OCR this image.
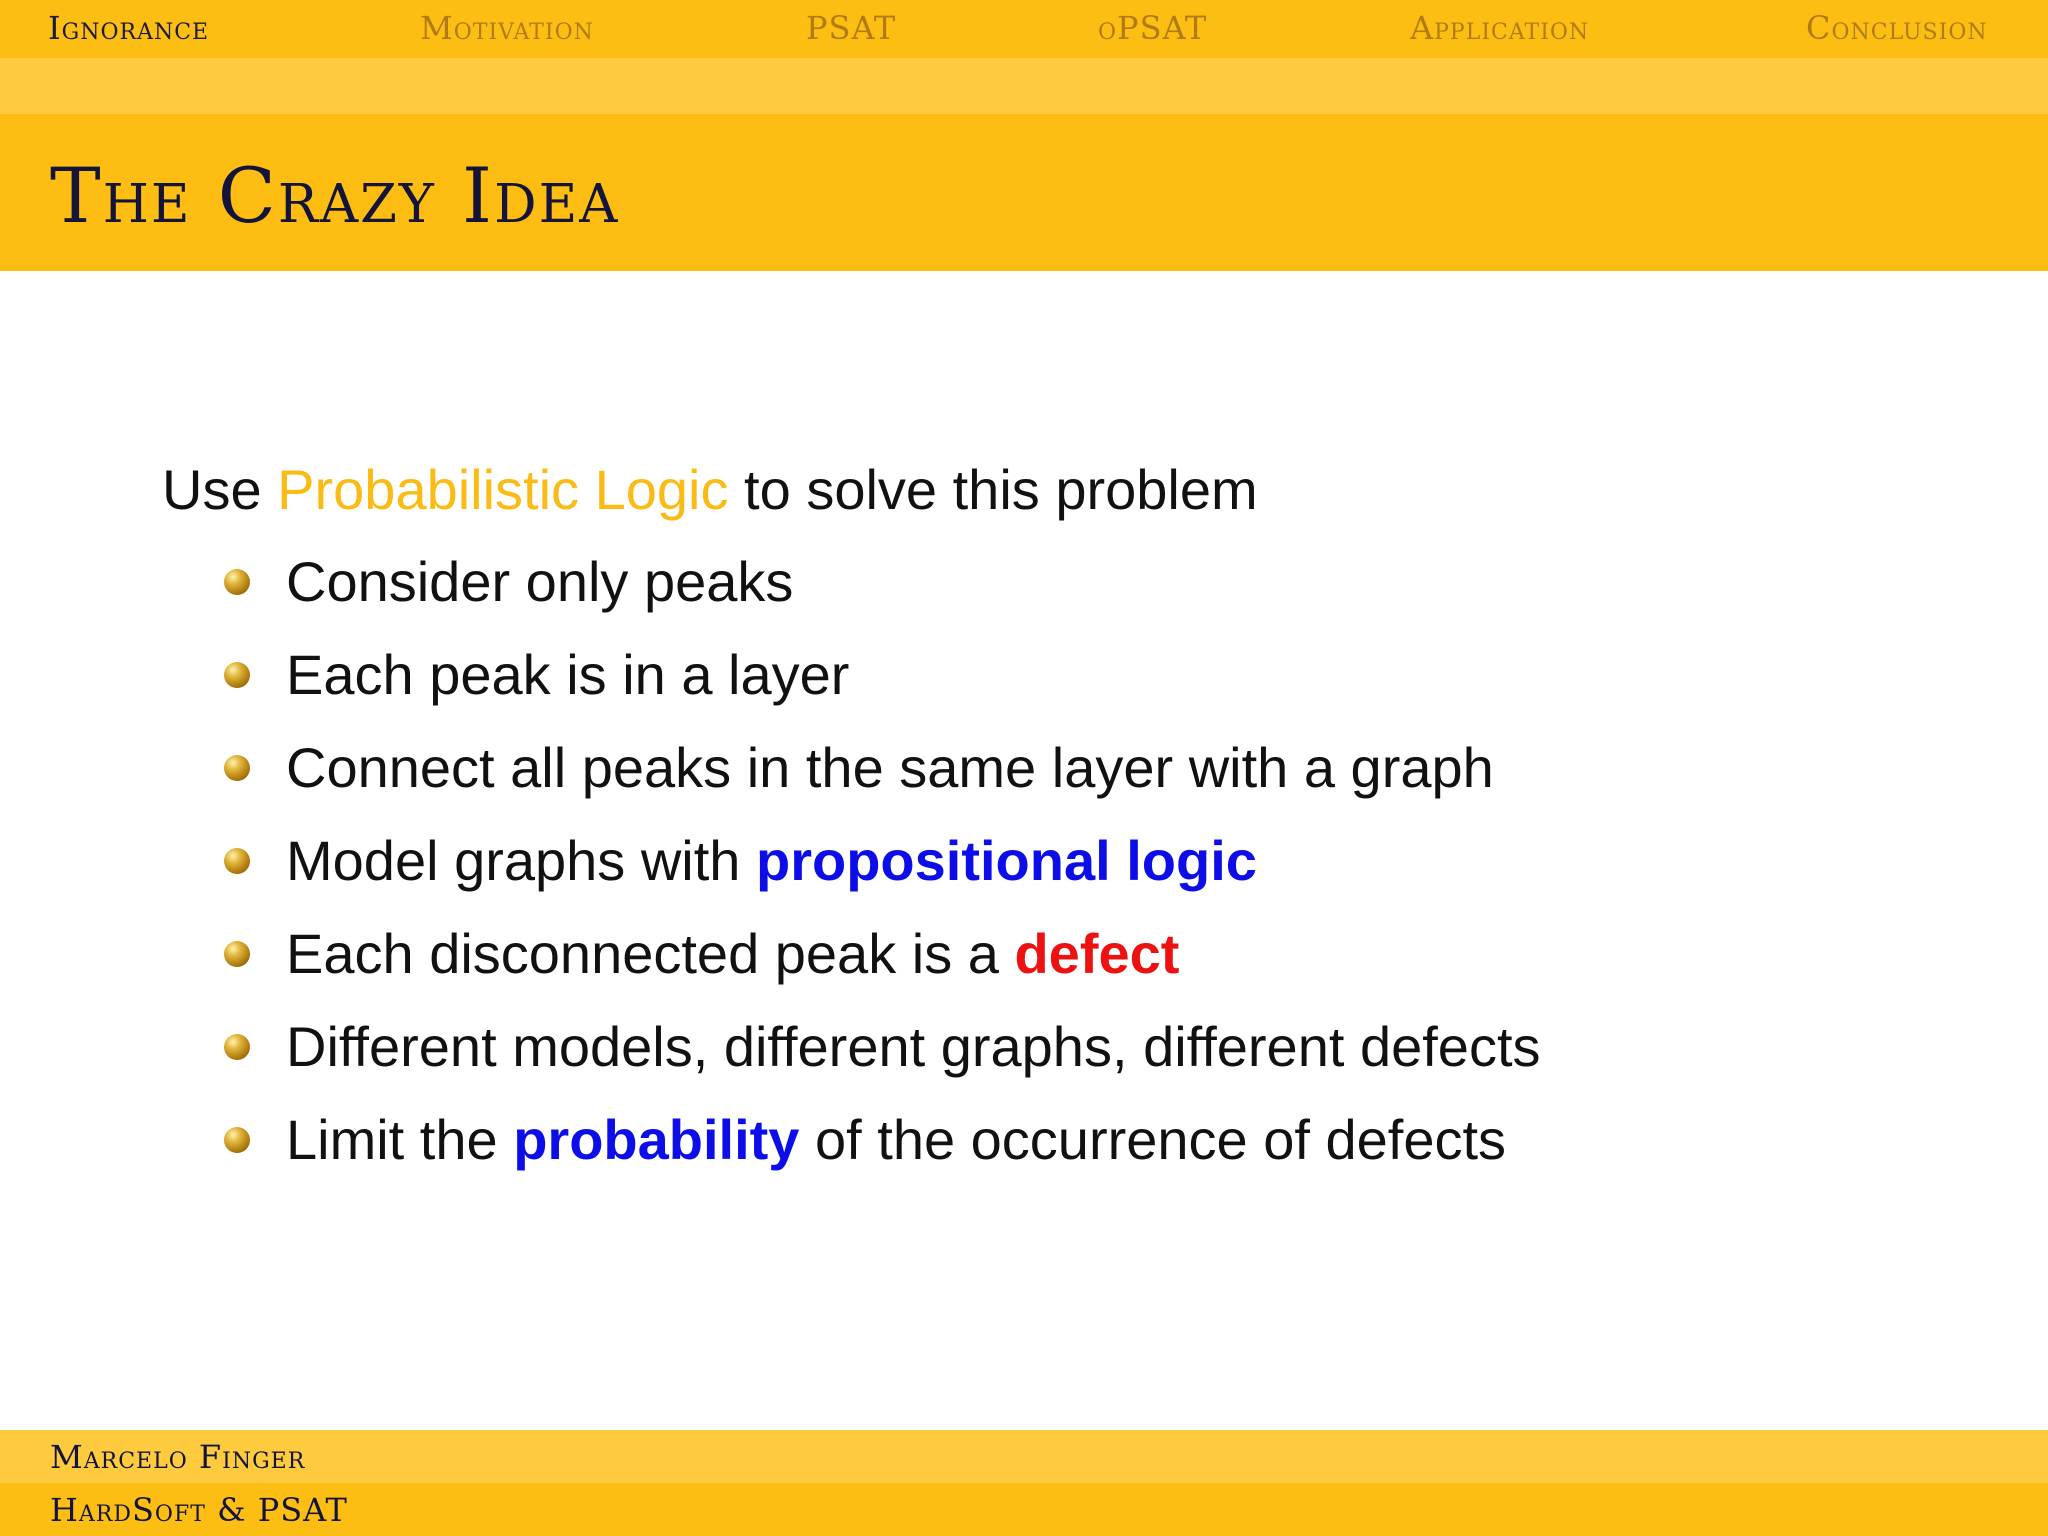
Ignorance	Motivation	PSAT	oPSAT	Application	Conclusion
The Crazy Idea
Use Probabilistic Logic to solve this problem
Consider only peaks
Each peak is in a layer
Connect all peaks in the same layer with a graph
Model graphs with propositional logic
Each disconnected peak is a defect
Different models, different graphs, different defects
Limit the probability of the occurrence of defects
Marcelo Finger
HardSoft & PSAT
